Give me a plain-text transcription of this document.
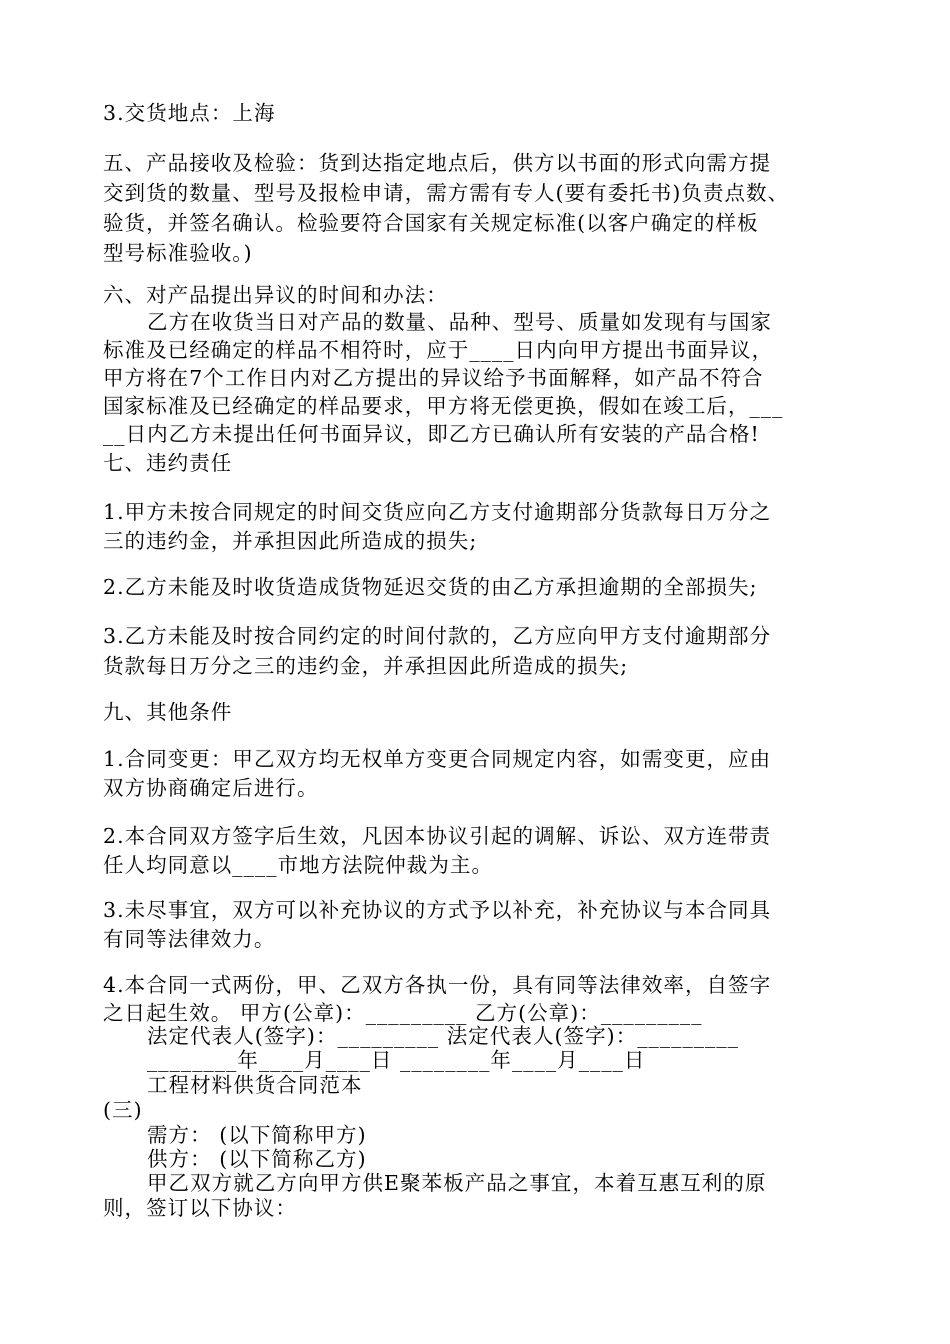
3.交货地点：上海
五、产品接收及检验：货到达指定地点后，供方以书面的形式向需方提
交到货的数量、型号及报检申请，需方需有专人(要有委托书)负责点数、
验货，并签名确认。检验要符合国家有关规定标准(以客户确定的样板
型号标准验收。)
六、对产品提出异议的时间和办法：
乙方在收货当日对产品的数量、品种、型号、质量如发现有与国家
标准及已经确定的样品不相符时，应于____日内向甲方提出书面异议，
甲方将在7个工作日内对乙方提出的异议给予书面解释，如产品不符合
国家标准及已经确定的样品要求，甲方将无偿更换，假如在竣工后，___
__日内乙方未提出任何书面异议，即乙方已确认所有安装的产品合格!
七、违约责任
1.甲方未按合同规定的时间交货应向乙方支付逾期部分货款每日万分之
三的违约金，并承担因此所造成的损失;
2.乙方未能及时收货造成货物延迟交货的由乙方承担逾期的全部损失;
3.乙方未能及时按合同约定的时间付款的，乙方应向甲方支付逾期部分
货款每日万分之三的违约金，并承担因此所造成的损失;
九、其他条件
1.合同变更：甲乙双方均无权单方变更合同规定内容，如需变更，应由
双方协商确定后进行。
2.本合同双方签字后生效，凡因本协议引起的调解、诉讼、双方连带责
任人均同意以____市地方法院仲裁为主。
3.未尽事宜，双方可以补充协议的方式予以补充，补充协议与本合同具
有同等法律效力。
4.本合同一式两份，甲、乙双方各执一份，具有同等法律效率，自签字
之日起生效。 甲方(公章)：_________ 乙方(公章)：_________
法定代表人(签字)：_________ 法定代表人(签字)：_________
________年____月____日 ________年____月____日
工程材料供货合同范本
(三)
需方： (以下简称甲方)
供方： (以下简称乙方)
甲乙双方就乙方向甲方供E聚苯板产品之事宜，本着互惠互利的原
则，签订以下协议：
